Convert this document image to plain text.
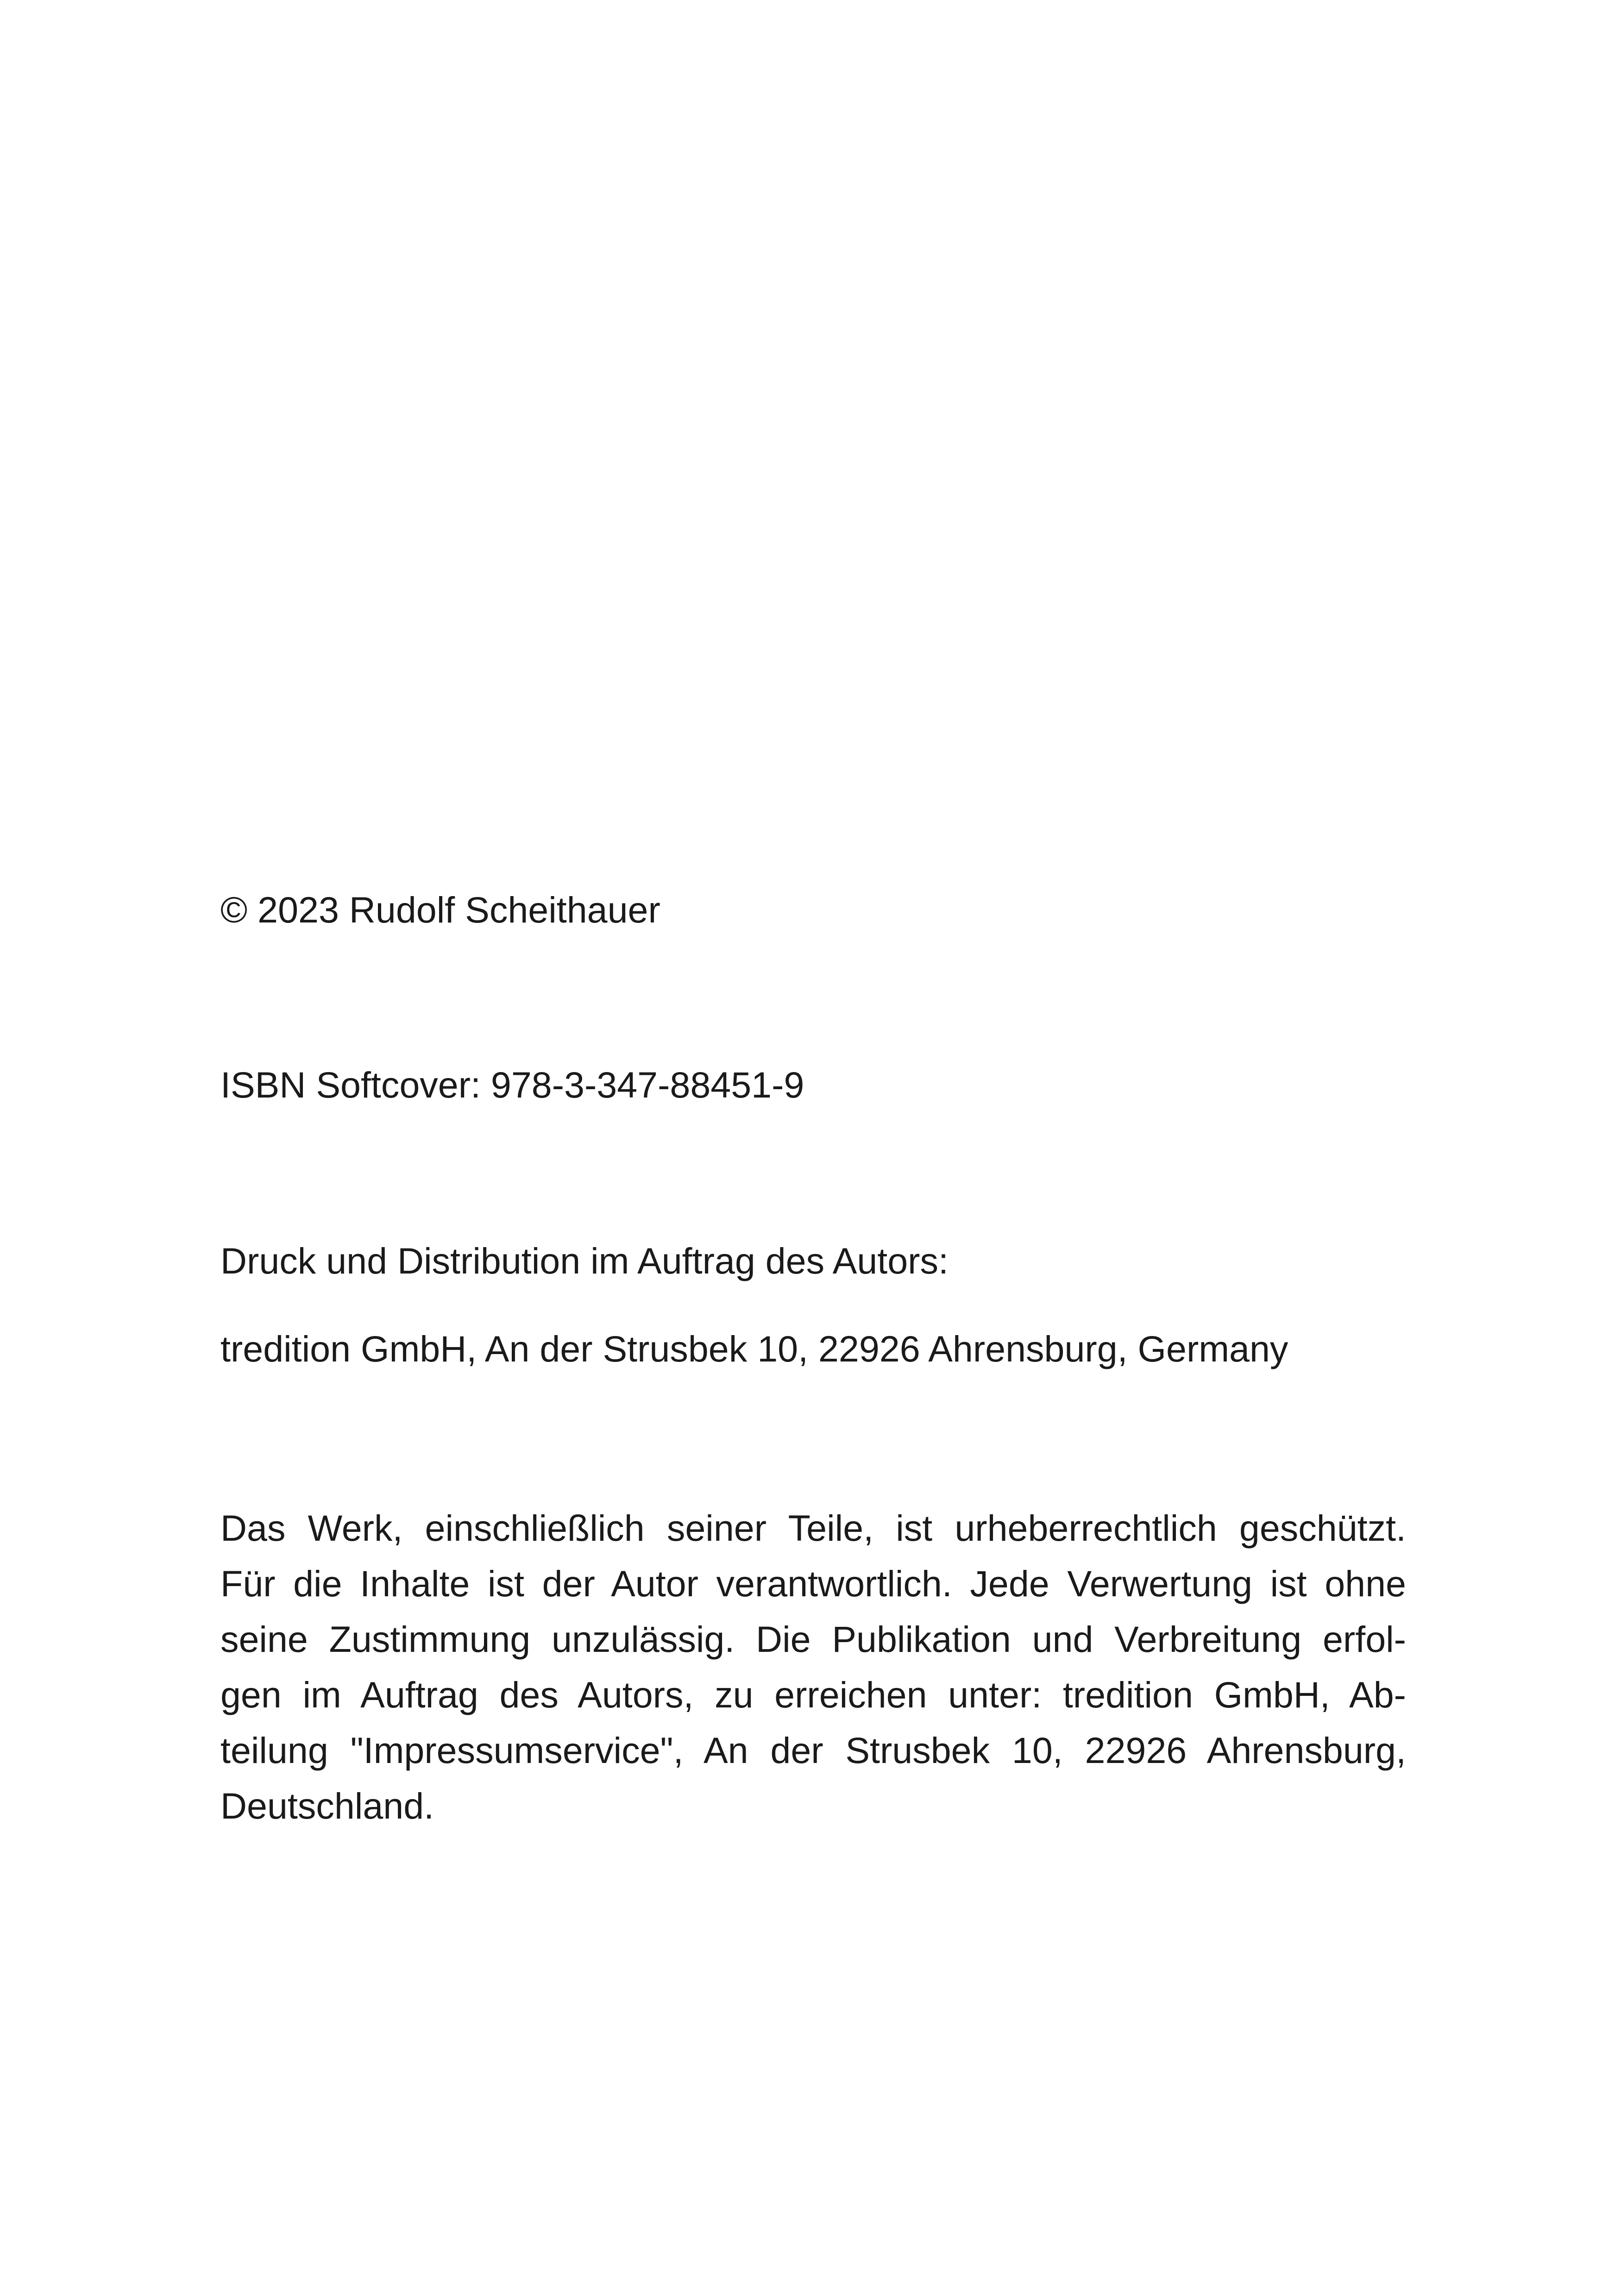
© 2023 Rudolf Scheithauer

ISBN Softcover: 978-3-347-88451-9

Druck und Distribution im Auftrag des Autors:

tredition GmbH, An der Strusbek 10, 22926 Ahrensburg, Germany

Das Werk, einschließlich seiner Teile, ist urheberrechtlich geschützt.
Für die Inhalte ist der Autor verantwortlich. Jede Verwertung ist ohne
seine Zustimmung unzulässig. Die Publikation und Verbreitung erfol-
gen im Auftrag des Autors, zu erreichen unter: tredition GmbH, Ab-
teilung "Impressumservice", An der Strusbek 10, 22926 Ahrensburg,
Deutschland.
